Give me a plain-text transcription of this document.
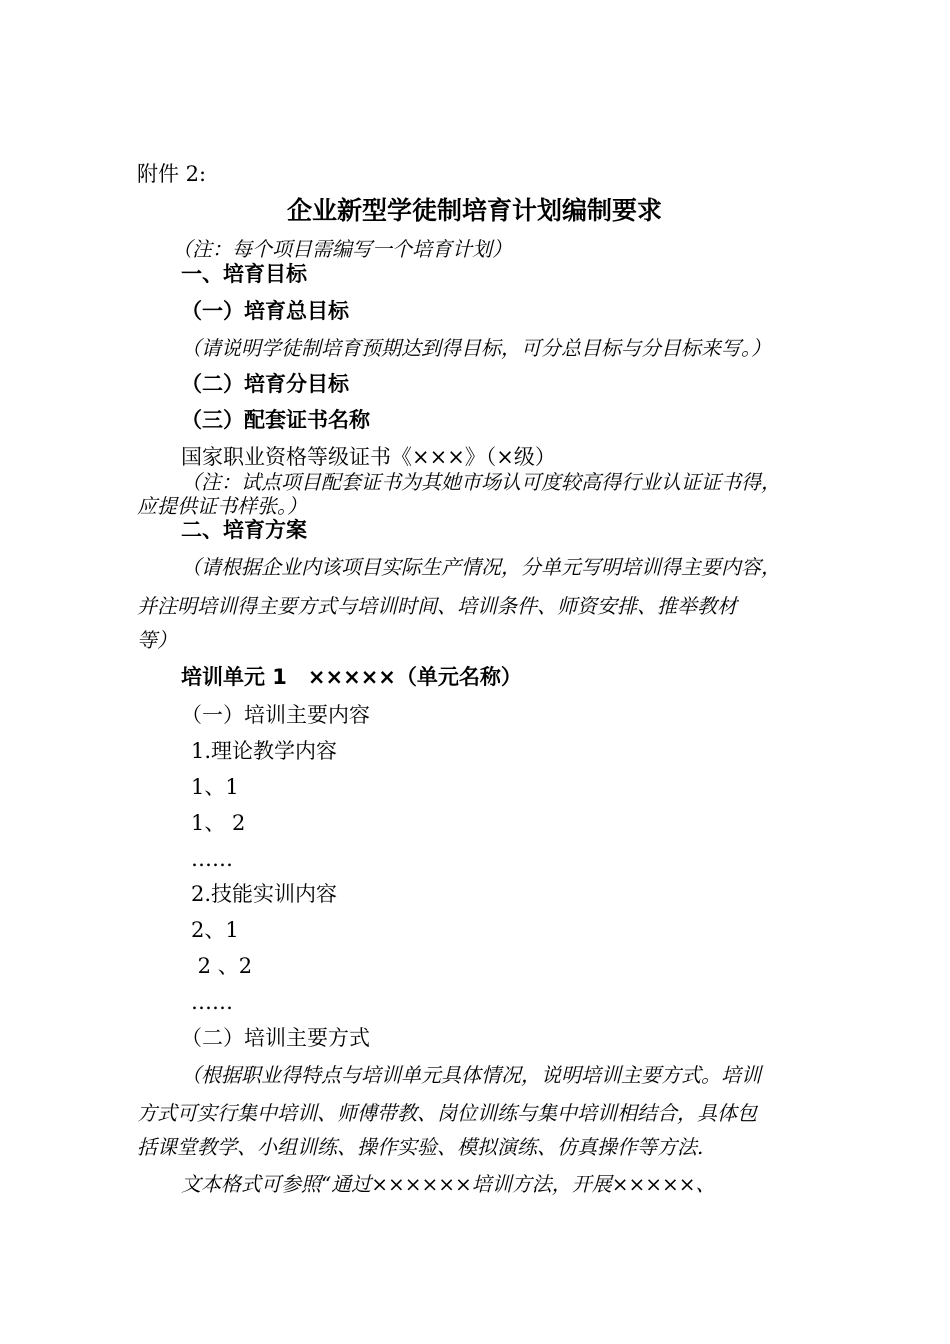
附件 2:
企业新型学徒制培育计划编制要求
（注：每个项目需编写一个培育计划）
一、培育目标
（一）培育总目标
（请说明学徒制培育预期达到得目标，可分总目标与分目标来写。）
（二）培育分目标
（三）配套证书名称
国家职业资格等级证书《×××》（×级）
（注：试点项目配套证书为其她市场认可度较高得行业认证证书得，
应提供证书样张。）
二、培育方案
（请根据企业内该项目实际生产情况，分单元写明培训得主要内容，
并注明培训得主要方式与培训时间、培训条件、师资安排、推举教材
等）
培训单元 1　×××××（单元名称）
（一）培训主要内容
1.理论教学内容
1、1
1、 2
……
2.技能实训内容
2、1
2 、2
……
（二）培训主要方式
（根据职业得特点与培训单元具体情况，说明培训主要方式。培训
方式可实行集中培训、师傅带教、岗位训练与集中培训相结合，具体包
括课堂教学、小组训练、操作实验、模拟演练、仿真操作等方法.
文本格式可参照“通过××××××培训方法，开展×××××、
